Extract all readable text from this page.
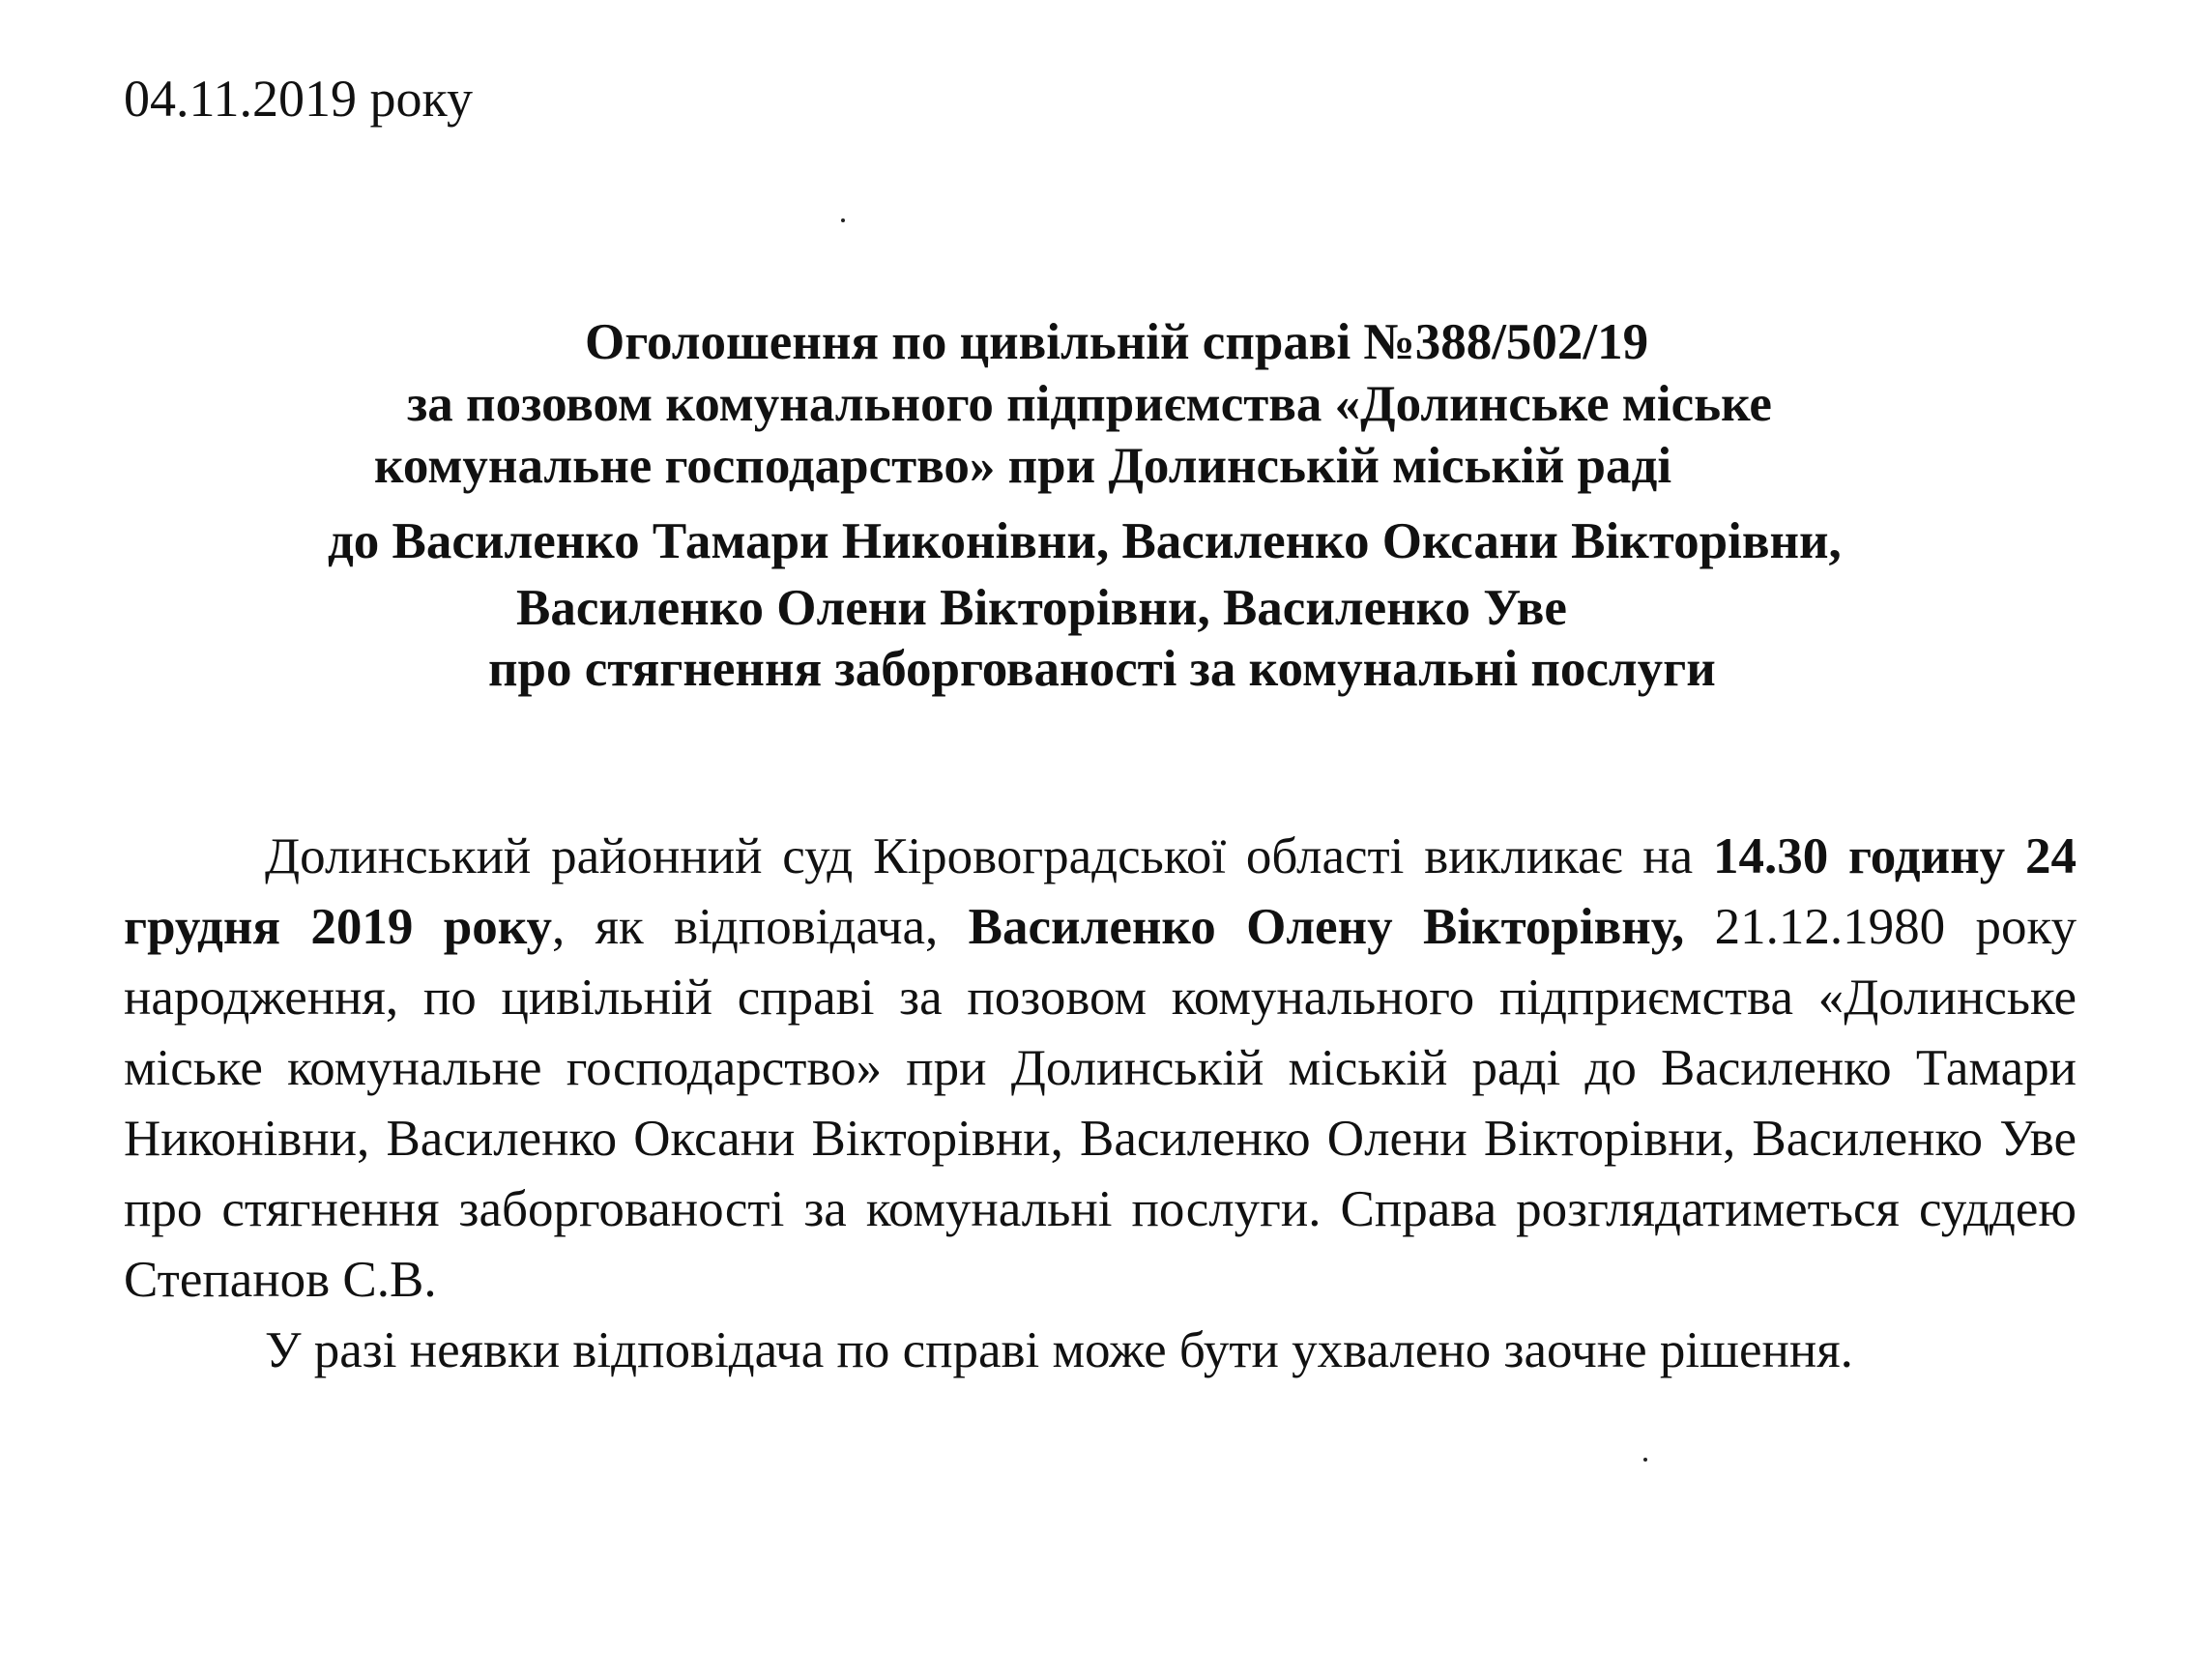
04.11.2019 року
Оголошення по цивільній справі №388/502/19
за позовом комунального підприємства «Долинське міське
комунальне господарство» при Долинській міській раді
до Василенко Тамари Никонівни, Василенко Оксани Вікторівни,
Василенко Олени Вікторівни, Василенко Уве
про стягнення заборгованості за комунальні послуги

Долинський районний суд Кіровоградської області викликає на 14.30 годину 24 грудня 2019 року, як відповідача, Василенко Олену Вікторівну, 21.12.1980 року народження, по цивільній справі за позовом комунального підприємства «Долинське міське комунальне господарство» при Долинській міській раді до Василенко Тамари Никонівни, Василенко Оксани Вікторівни, Василенко Олени Вікторівни, Василенко Уве про стягнення заборгованості за комунальні послуги. Справа розглядатиметься суддею Степанов С.В.

У разі неявки відповідача по справі може бути ухвалено заочне рішення.
